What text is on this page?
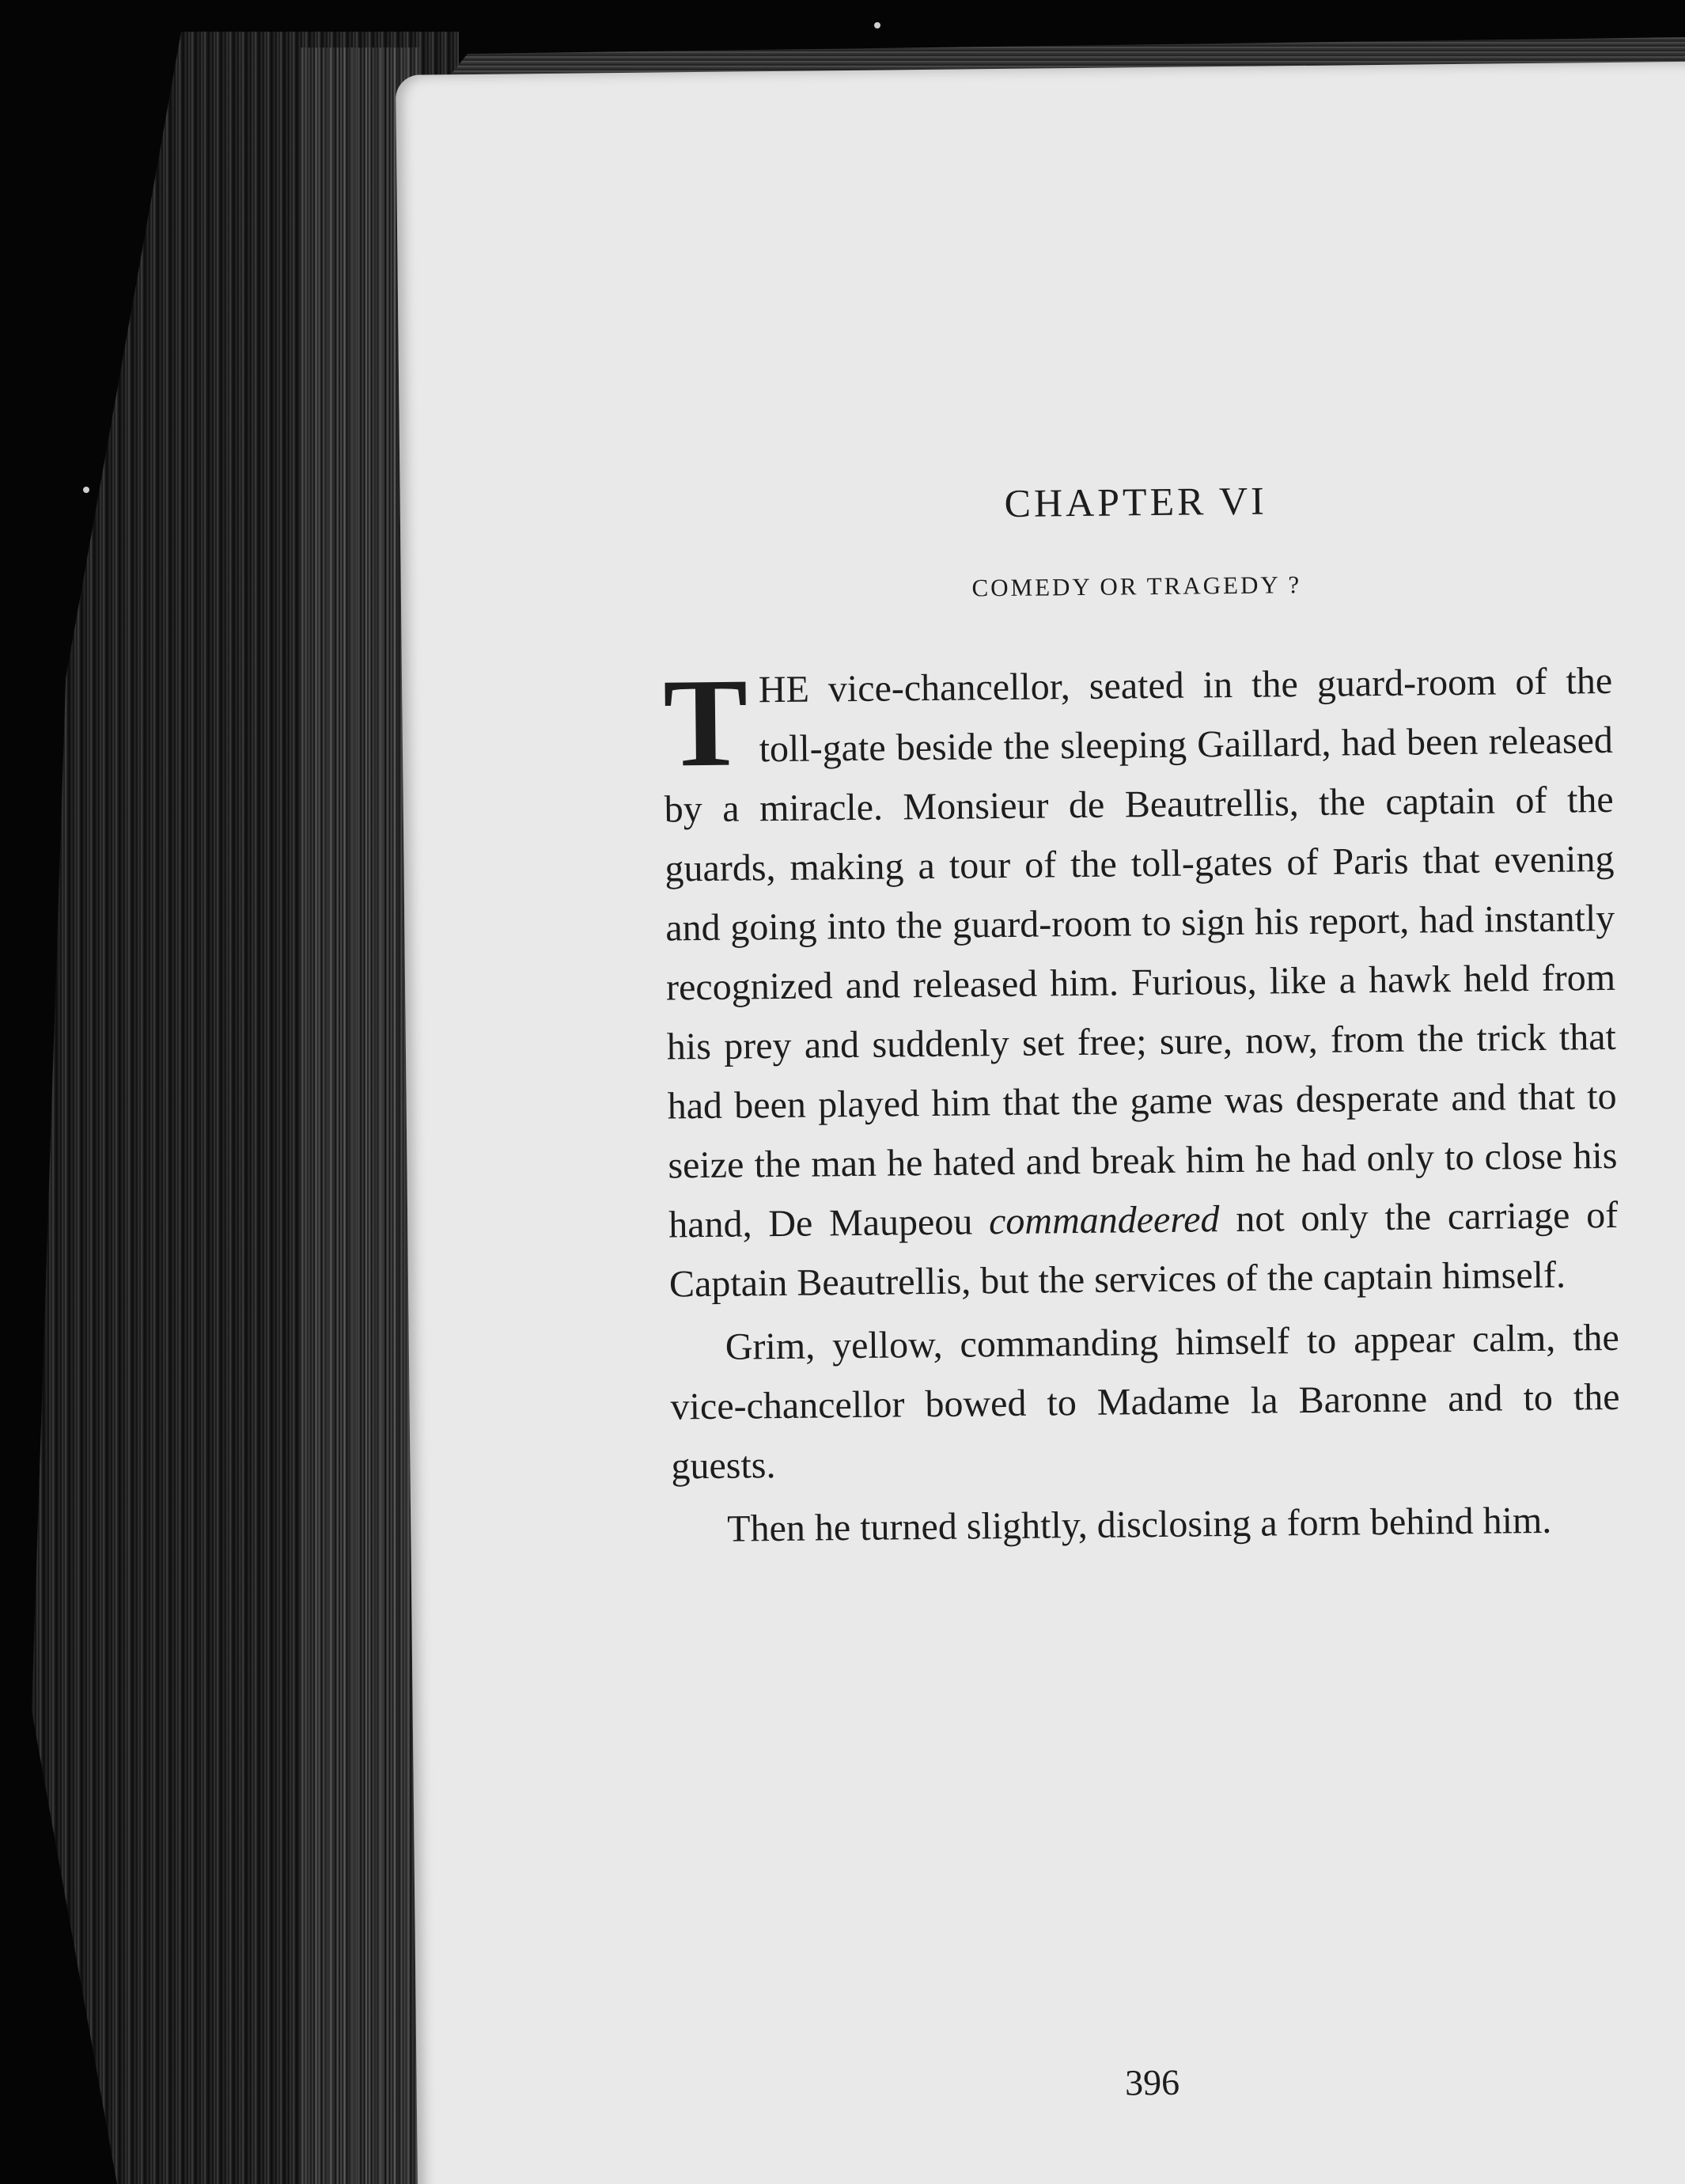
CHAPTER VI
COMEDY OR TRAGEDY ?

THE vice-chancellor, seated in the guard-room of the toll-gate beside the sleeping Gaillard, had been released by a miracle. Monsieur de Beautrellis, the captain of the guards, making a tour of the toll-gates of Paris that evening and going into the guard-room to sign his report, had instantly recognized and released him. Furious, like a hawk held from his prey and suddenly set free; sure, now, from the trick that had been played him that the game was desperate and that to seize the man he hated and break him he had only to close his hand, De Maupeou commandeered not only the carriage of Captain Beautrellis, but the services of the captain himself.

Grim, yellow, commanding himself to appear calm, the vice-chancellor bowed to Madame la Baronne and to the guests.

Then he turned slightly, disclosing a form behind him.

396
